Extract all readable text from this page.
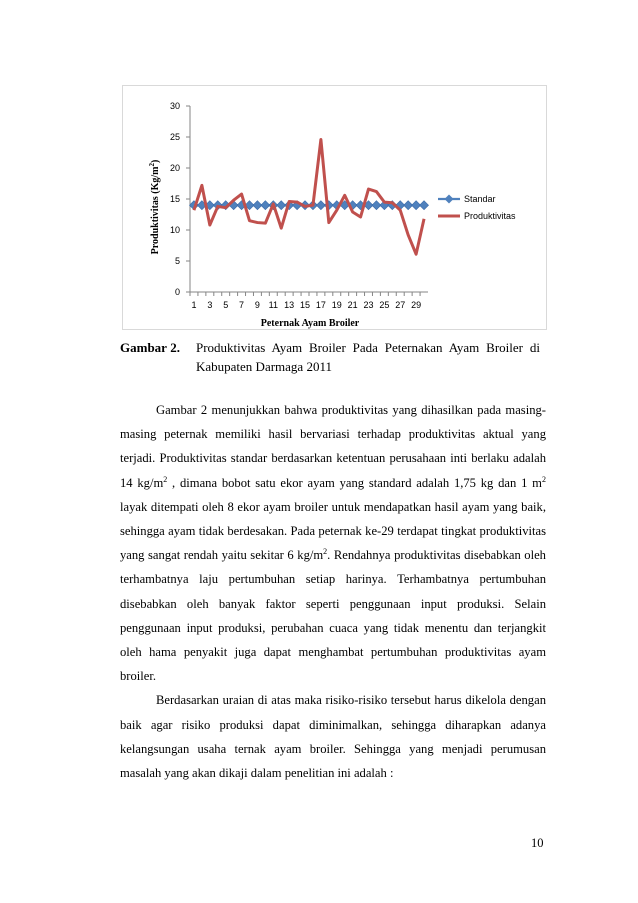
0
5
10
15
20
25
30
1 3 5 7 9 11 13 15 17 19 21 23 25 27 29
Standar
Produktivitas
Peternak Ayam Broiler
Produktivitas $(Kg/m^2)$
Gambar 2.	Produktivitas Ayam Broiler Pada Peternakan Ayam Broiler di Kabupaten Darmaga 2011

Gambar 2 menunjukkan bahwa produktivitas yang dihasilkan pada masing-masing peternak memiliki hasil bervariasi terhadap produktivitas aktual yang terjadi. Produktivitas standar berdasarkan ketentuan perusahaan inti berlaku adalah 14 $kg/m^2$ , dimana bobot satu ekor ayam yang standard adalah 1,75 kg dan 1 $m^2$ layak ditempati oleh 8 ekor ayam broiler untuk mendapatkan hasil ayam yang baik, sehingga ayam tidak berdesakan. Pada peternak ke-29 terdapat tingkat produktivitas yang sangat rendah yaitu sekitar 6 $kg/m^2$. Rendahnya produktivitas disebabkan oleh terhambatnya laju pertumbuhan setiap harinya. Terhambatnya pertumbuhan disebabkan oleh banyak faktor seperti penggunaan input produksi. Selain penggunaan input produksi, perubahan cuaca yang tidak menentu dan terjangkit oleh hama penyakit juga dapat menghambat pertumbuhan produktivitas ayam broiler.

Berdasarkan uraian di atas maka risiko-risiko tersebut harus dikelola dengan baik agar risiko produksi dapat diminimalkan, sehingga diharapkan adanya kelangsungan usaha ternak ayam broiler. Sehingga yang menjadi perumusan masalah yang akan dikaji dalam penelitian ini adalah :

10
